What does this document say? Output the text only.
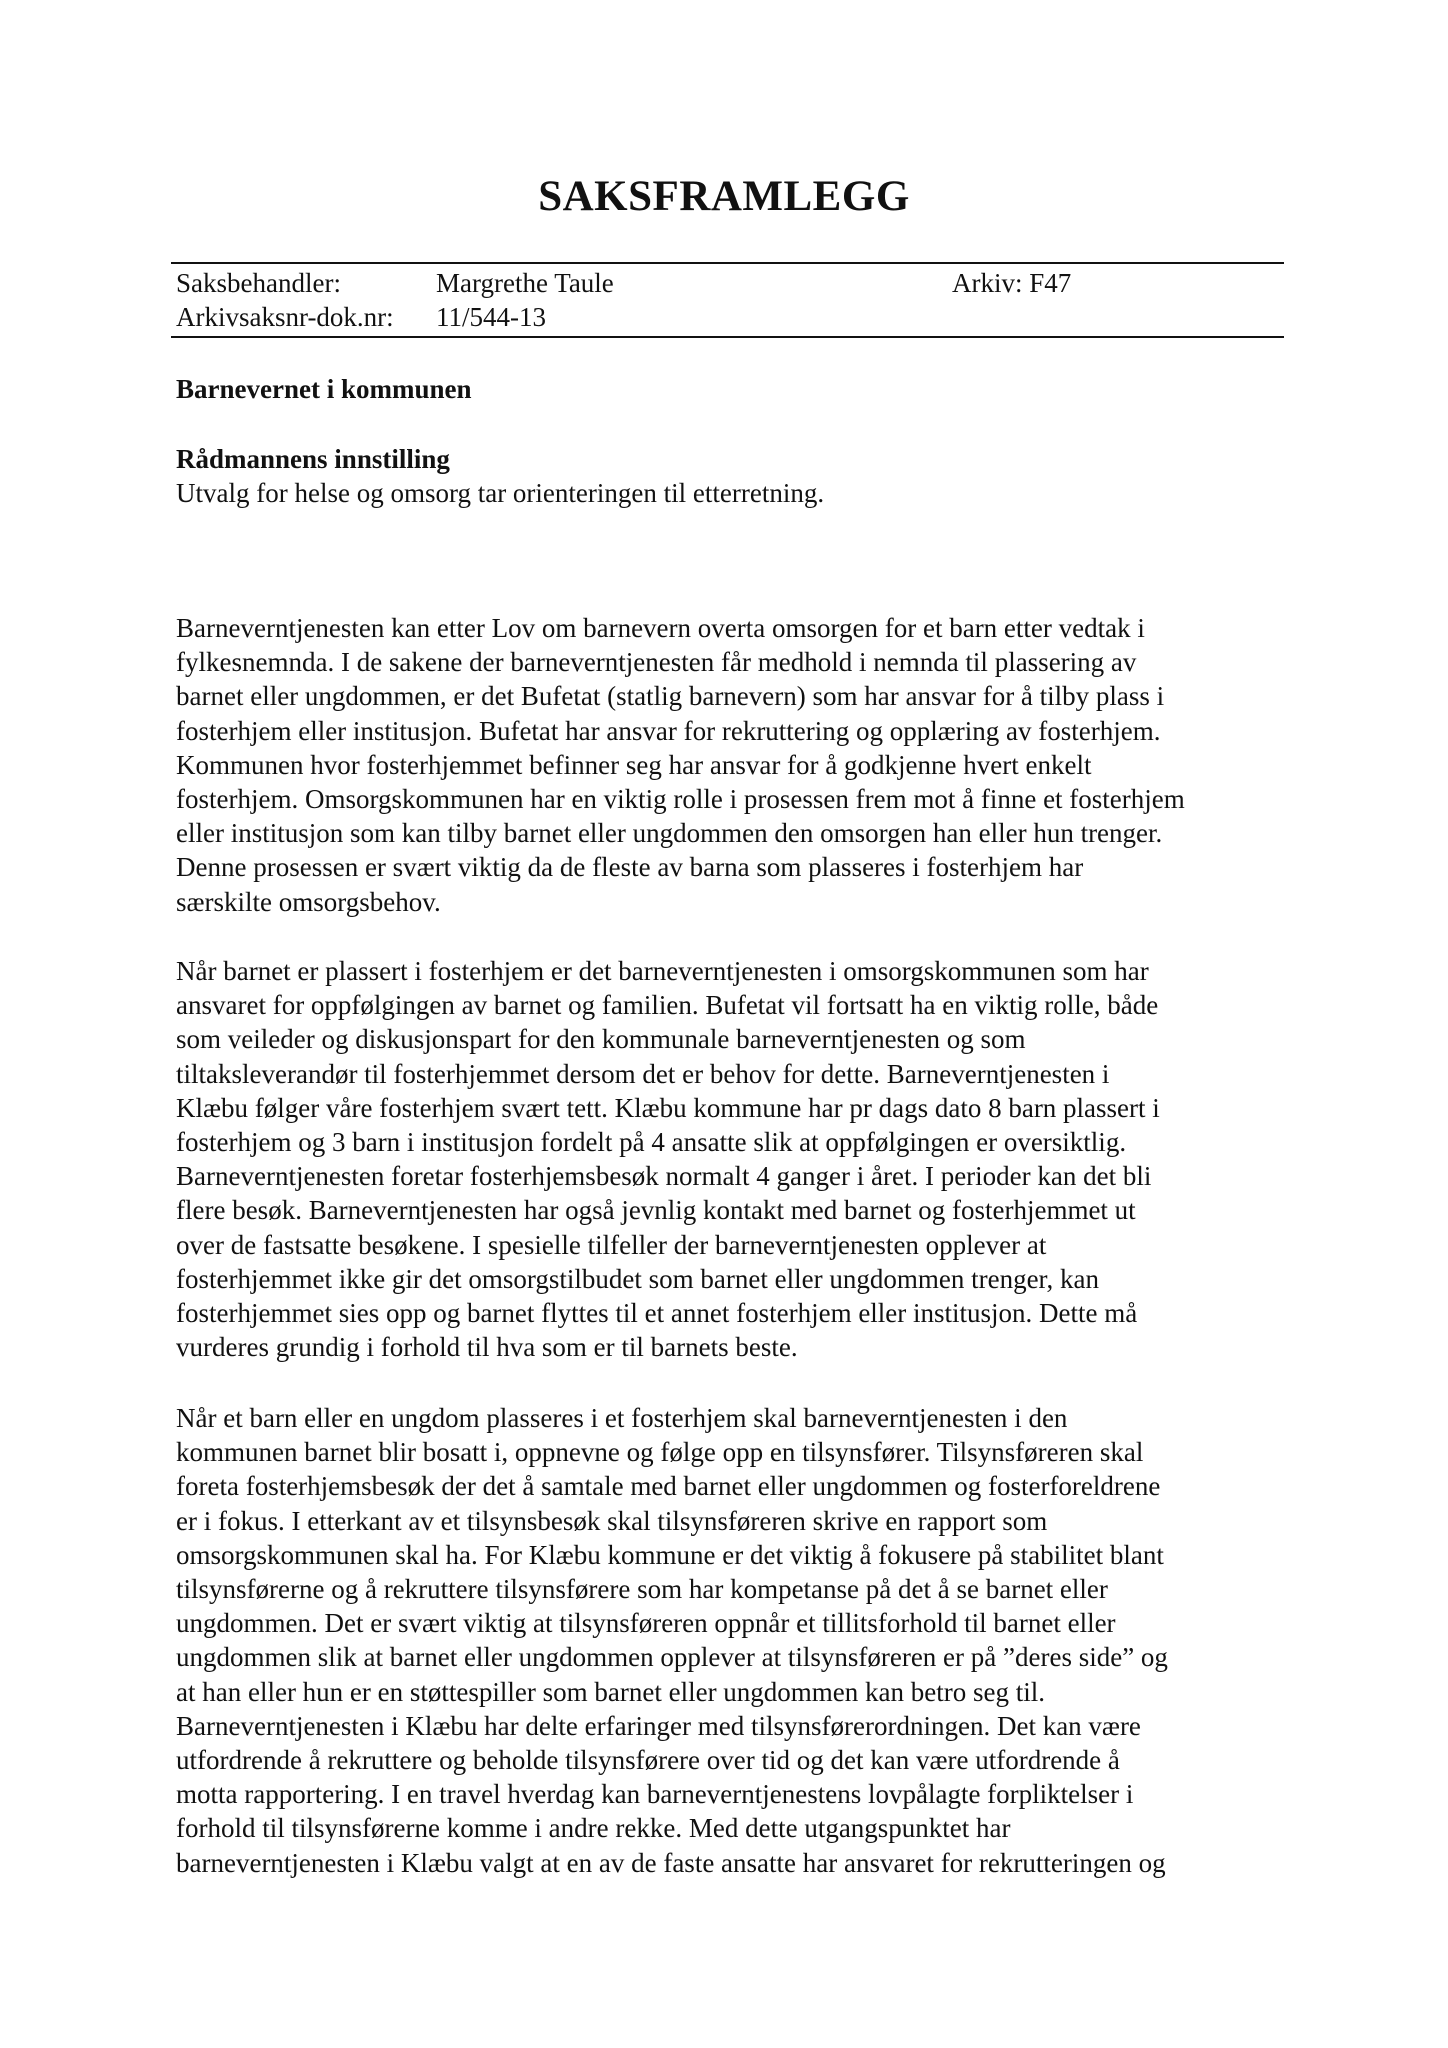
SAKSFRAMLEGG
Saksbehandler:	Margrethe Taule	Arkiv: F47
Arkivsaksnr-dok.nr: 11/544-13
Barnevernet i kommunen
Rådmannens innstilling
Utvalg for helse og omsorg tar orienteringen til etterretning.
Barneverntjenesten kan etter Lov om barnevern overta omsorgen for et barn etter vedtak i
fylkesnemnda. I de sakene der barneverntjenesten får medhold i nemnda til plassering av
barnet eller ungdommen, er det Bufetat (statlig barnevern) som har ansvar for å tilby plass i
fosterhjem eller institusjon. Bufetat har ansvar for rekruttering og opplæring av fosterhjem.
Kommunen hvor fosterhjemmet befinner seg har ansvar for å godkjenne hvert enkelt
fosterhjem. Omsorgskommunen har en viktig rolle i prosessen frem mot å finne et fosterhjem
eller institusjon som kan tilby barnet eller ungdommen den omsorgen han eller hun trenger.
Denne prosessen er svært viktig da de fleste av barna som plasseres i fosterhjem har
særskilte omsorgsbehov.
Når barnet er plassert i fosterhjem er det barneverntjenesten i omsorgskommunen som har
ansvaret for oppfølgingen av barnet og familien. Bufetat vil fortsatt ha en viktig rolle, både
som veileder og diskusjonspart for den kommunale barneverntjenesten og som
tiltaksleverandør til fosterhjemmet dersom det er behov for dette. Barneverntjenesten i
Klæbu følger våre fosterhjem svært tett. Klæbu kommune har pr dags dato 8 barn plassert i
fosterhjem og 3 barn i institusjon fordelt på 4 ansatte slik at oppfølgingen er oversiktlig.
Barneverntjenesten foretar fosterhjemsbesøk normalt 4 ganger i året. I perioder kan det bli
flere besøk. Barneverntjenesten har også jevnlig kontakt med barnet og fosterhjemmet ut
over de fastsatte besøkene. I spesielle tilfeller der barneverntjenesten opplever at
fosterhjemmet ikke gir det omsorgstilbudet som barnet eller ungdommen trenger, kan
fosterhjemmet sies opp og barnet flyttes til et annet fosterhjem eller institusjon. Dette må
vurderes grundig i forhold til hva som er til barnets beste.
Når et barn eller en ungdom plasseres i et fosterhjem skal barneverntjenesten i den
kommunen barnet blir bosatt i, oppnevne og følge opp en tilsynsfører. Tilsynsføreren skal
foreta fosterhjemsbesøk der det å samtale med barnet eller ungdommen og fosterforeldrene
er i fokus. I etterkant av et tilsynsbesøk skal tilsynsføreren skrive en rapport som
omsorgskommunen skal ha. For Klæbu kommune er det viktig å fokusere på stabilitet blant
tilsynsførerne og å rekruttere tilsynsførere som har kompetanse på det å se barnet eller
ungdommen. Det er svært viktig at tilsynsføreren oppnår et tillitsforhold til barnet eller
ungdommen slik at barnet eller ungdommen opplever at tilsynsføreren er på ”deres side” og
at han eller hun er en støttespiller som barnet eller ungdommen kan betro seg til.
Barneverntjenesten i Klæbu har delte erfaringer med tilsynsførerordningen. Det kan være
utfordrende å rekruttere og beholde tilsynsførere over tid og det kan være utfordrende å
motta rapportering. I en travel hverdag kan barneverntjenestens lovpålagte forpliktelser i
forhold til tilsynsførerne komme i andre rekke. Med dette utgangspunktet har
barneverntjenesten i Klæbu valgt at en av de faste ansatte har ansvaret for rekrutteringen og
